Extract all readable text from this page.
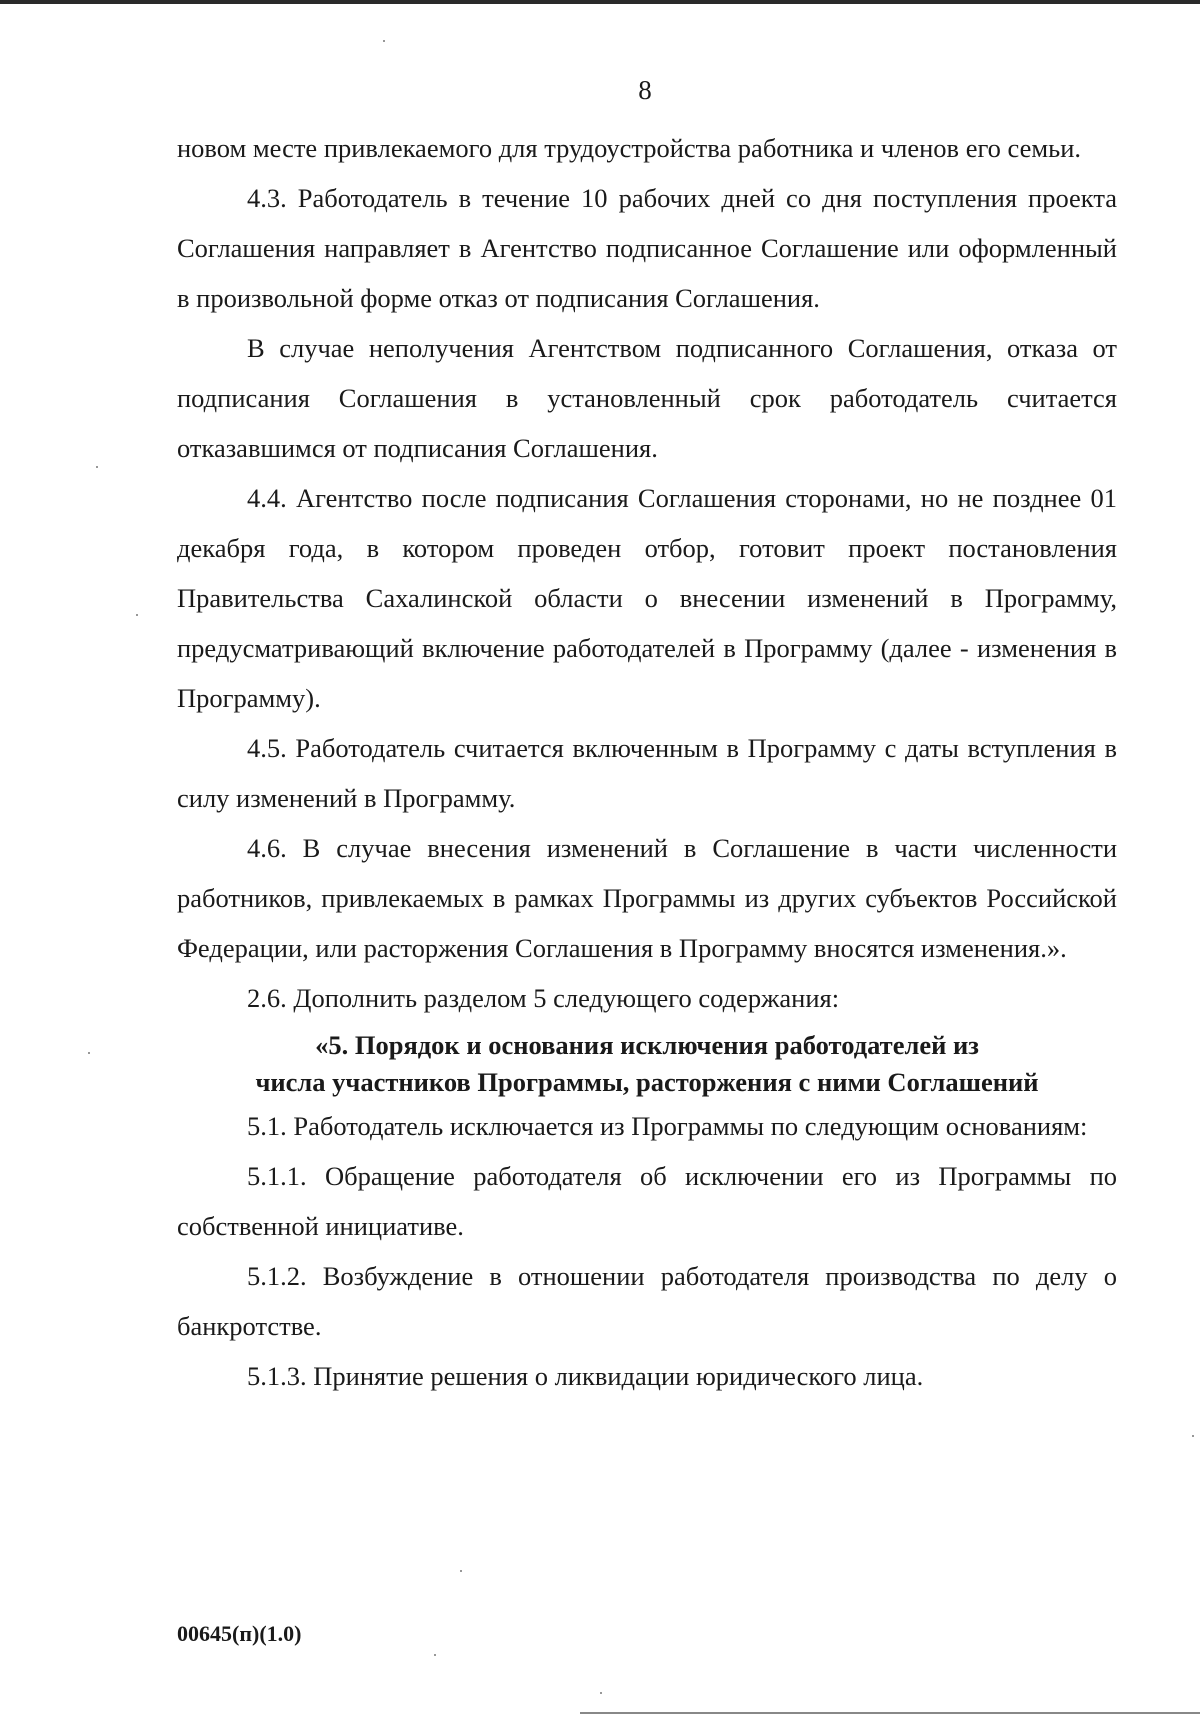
8

новом месте привлекаемого для трудоустройства работника и членов его семьи.

4.3. Работодатель в течение 10 рабочих дней со дня поступления проекта Соглашения направляет в Агентство подписанное Соглашение или оформленный в произвольной форме отказ от подписания Соглашения.

В случае неполучения Агентством подписанного Соглашения, отказа от подписания Соглашения в установленный срок работодатель считается отказавшимся от подписания Соглашения.

4.4. Агентство после подписания Соглашения сторонами, но не позднее 01 декабря года, в котором проведен отбор, готовит проект постановления Правительства Сахалинской области о внесении изменений в Программу, предусматривающий включение работодателей в Программу (далее - изменения в Программу).

4.5. Работодатель считается включенным в Программу с даты вступления в силу изменений в Программу.

4.6. В случае внесения изменений в Соглашение в части численности работников, привлекаемых в рамках Программы из других субъектов Российской Федерации, или расторжения Соглашения в Программу вносятся изменения.».

2.6. Дополнить разделом 5 следующего содержания:

«5. Порядок и основания исключения работодателей из
числа участников Программы, расторжения с ними Соглашений

5.1. Работодатель исключается из Программы по следующим основаниям:

5.1.1. Обращение работодателя об исключении его из Программы по собственной инициативе.

5.1.2. Возбуждение в отношении работодателя производства по делу о банкротстве.

5.1.3. Принятие решения о ликвидации юридического лица.

00645(п)(1.0)
